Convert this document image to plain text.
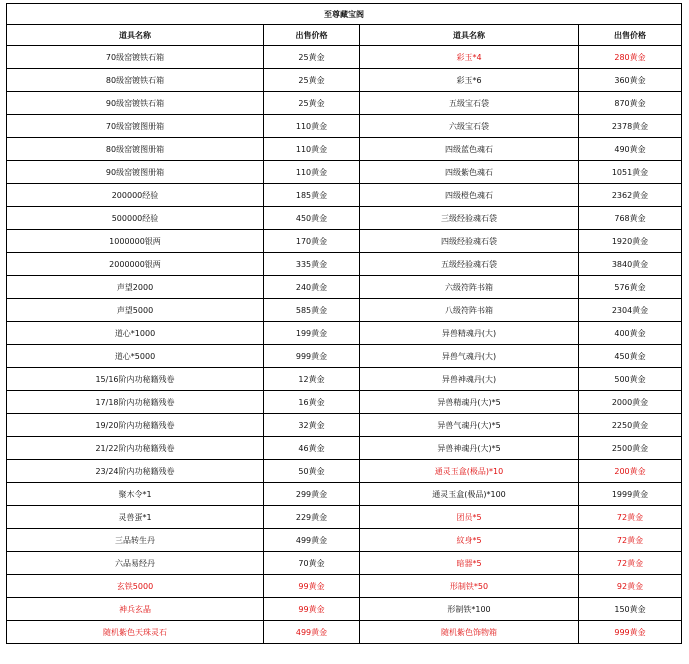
至尊藏宝阁			
道具名称	出售价格	道具名称	出售价格
70级窑镀铁石箱	25黄金	彩玉*4	280黄金
80级窑镀铁石箱	25黄金	彩玉*6	360黄金
90级窑镀铁石箱	25黄金	五级宝石袋	870黄金
70级窑镀图册箱	110黄金	六级宝石袋	2378黄金
80级窑镀图册箱	110黄金	四级蓝色魂石	490黄金
90级窑镀图册箱	110黄金	四级紫色魂石	1051黄金
200000经验	185黄金	四级橙色魂石	2362黄金
500000经验	450黄金	三级经验魂石袋	768黄金
1000000银两	170黄金	四级经验魂石袋	1920黄金
2000000银两	335黄金	五级经验魂石袋	3840黄金
声望2000	240黄金	六级符阵书箱	576黄金
声望5000	585黄金	八级符阵书箱	2304黄金
道心*1000	199黄金	异兽精魂丹(大)	400黄金
道心*5000	999黄金	异兽气魂丹(大)	450黄金
15/16阶内功秘籍残卷	12黄金	异兽神魂丹(大)	500黄金
17/18阶内功秘籍残卷	16黄金	异兽精魂丹(大)*5	2000黄金
19/20阶内功秘籍残卷	32黄金	异兽气魂丹(大)*5	2250黄金
21/22阶内功秘籍残卷	46黄金	异兽神魂丹(大)*5	2500黄金
23/24阶内功秘籍残卷	50黄金	通灵玉盒(极品)*10	200黄金
聚木令*1	299黄金	通灵玉盒(极品)*100	1999黄金
灵兽蛋*1	229黄金	团员*5	72黄金
三品转生丹	499黄金	紋身*5	72黄金
六品易经丹	70黄金	暗器*5	72黄金
玄铁5000	99黄金	形制铁*50	92黄金
神兵玄晶	99黄金	形制铁*100	150黄金
随机紫色天珠灵石	499黄金	随机紫色饰物箱	999黄金
